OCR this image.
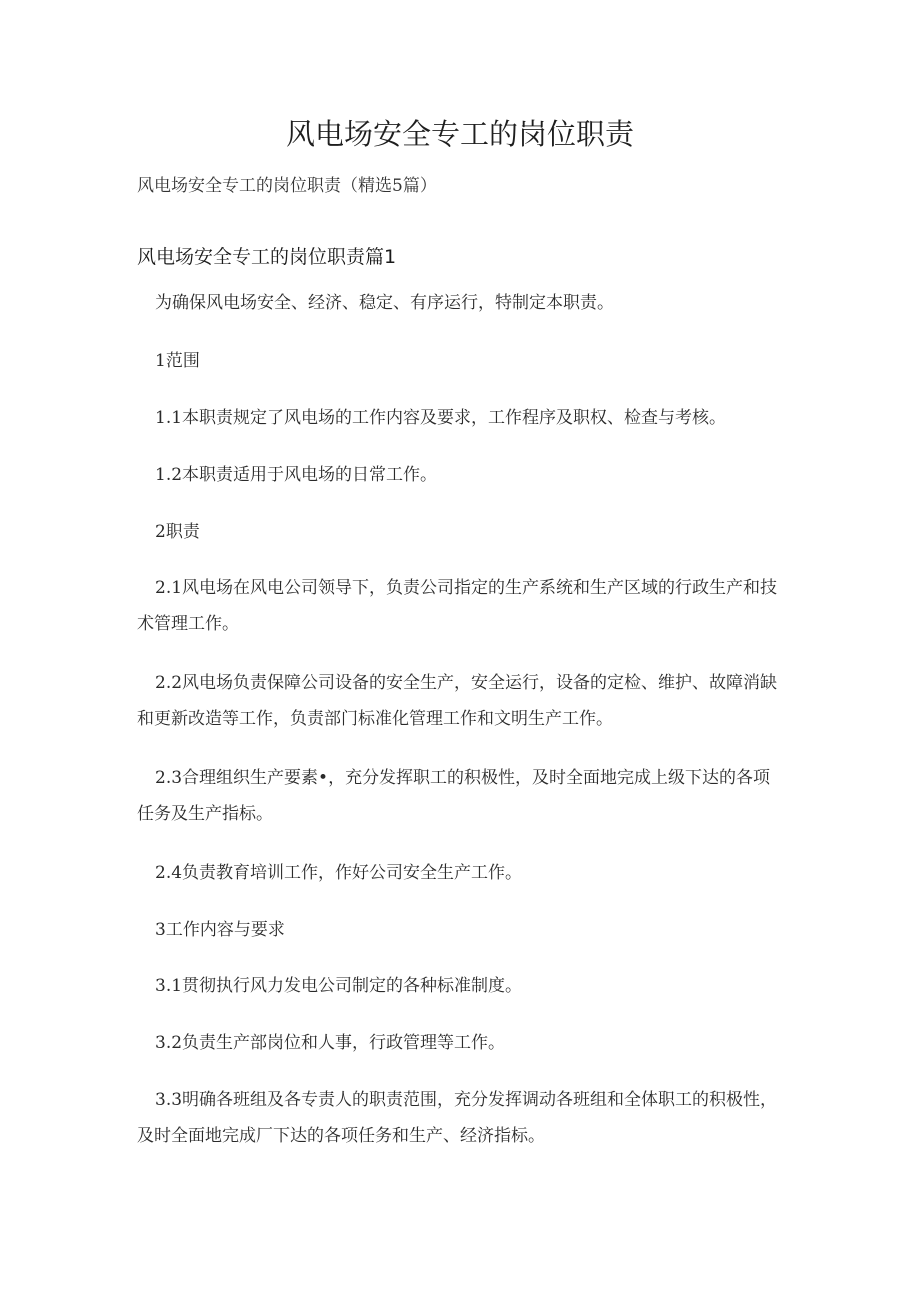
风电场安全专工的岗位职责
风电场安全专工的岗位职责（精选5篇）
风电场安全专工的岗位职责篇1

为确保风电场安全、经济、稳定、有序运行，特制定本职责。

1范围

1.1本职责规定了风电场的工作内容及要求，工作程序及职权、检查与考核。

1.2本职责适用于风电场的日常工作。

2职责

2.1风电场在风电公司领导下，负责公司指定的生产系统和生产区域的行政生产和技术管理工作。

2.2风电场负责保障公司设备的安全生产，安全运行，设备的定检、维护、故障消缺和更新改造等工作，负责部门标准化管理工作和文明生产工作。

2.3合理组织生产要素•，充分发挥职工的积极性，及时全面地完成上级下达的各项任务及生产指标。

2.4负责教育培训工作，作好公司安全生产工作。

3工作内容与要求

3.1贯彻执行风力发电公司制定的各种标准制度。

3.2负责生产部岗位和人事，行政管理等工作。

3.3明确各班组及各专责人的职责范围，充分发挥调动各班组和全体职工的积极性，及时全面地完成厂下达的各项任务和生产、经济指标。
